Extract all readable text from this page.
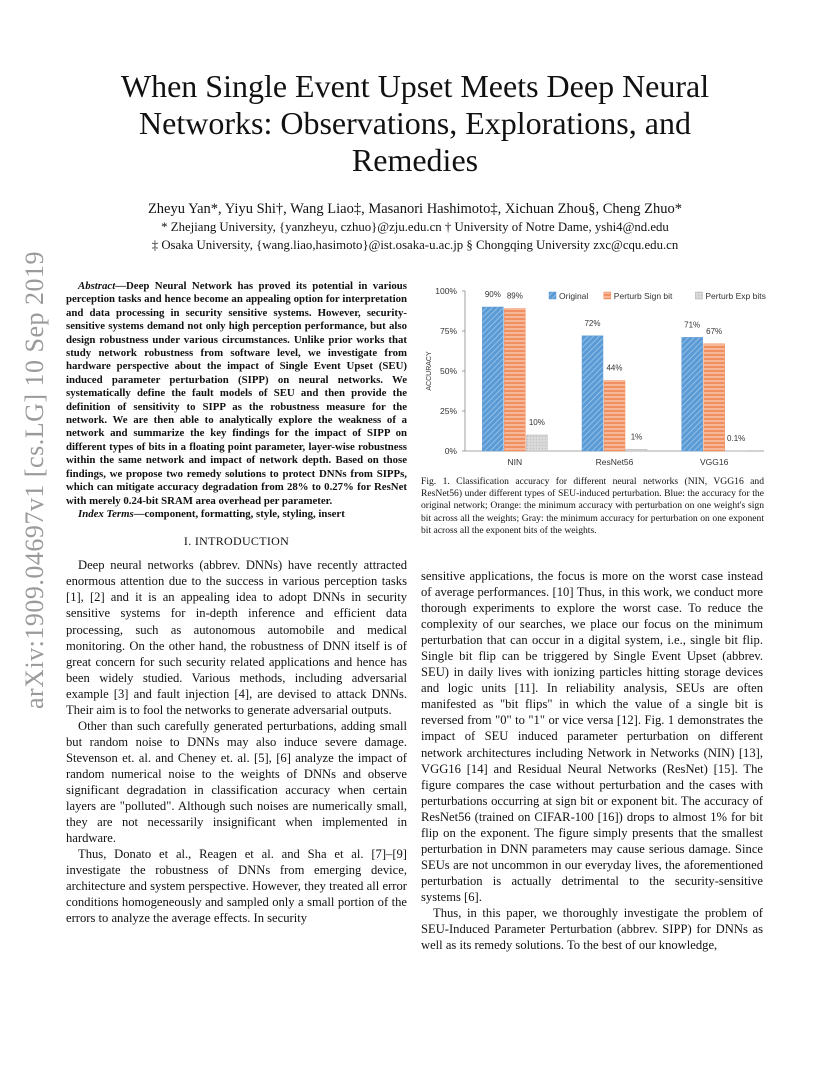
arXiv:1909.04697v1 [cs.LG] 10 Sep 2019
When Single Event Upset Meets Deep Neural Networks: Observations, Explorations, and Remedies
Zheyu Yan*, Yiyu Shi†, Wang Liao‡, Masanori Hashimoto‡, Xichuan Zhou§, Cheng Zhuo*
* Zhejiang University, {yanzheyu, czhuo}@zju.edu.cn † University of Notre Dame, yshi4@nd.edu
‡ Osaka University, {wang.liao,hasimoto}@ist.osaka-u.ac.jp § Chongqing University zxc@cqu.edu.cn

Abstract—Deep Neural Network has proved its potential in various perception tasks and hence become an appealing option for interpretation and data processing in security sensitive systems. However, security-sensitive systems demand not only high perception performance, but also design robustness under various circumstances. Unlike prior works that study network robustness from software level, we investigate from hardware perspective about the impact of Single Event Upset (SEU) induced parameter perturbation (SIPP) on neural networks. We systematically define the fault models of SEU and then provide the definition of sensitivity to SIPP as the robustness measure for the network. We are then able to analytically explore the weakness of a network and summarize the key findings for the impact of SIPP on different types of bits in a floating point parameter, layer-wise robustness within the same network and impact of network depth. Based on those findings, we propose two remedy solutions to protect DNNs from SIPPs, which can mitigate accuracy degradation from 28% to 0.27% for ResNet with merely 0.24-bit SRAM area overhead per parameter.

Index Terms—component, formatting, style, styling, insert

I. INTRODUCTION

Deep neural networks (abbrev. DNNs) have recently attracted enormous attention due to the success in various perception tasks [1], [2] and it is an appealing idea to adopt DNNs in security sensitive systems for in-depth inference and efficient data processing, such as autonomous automobile and medical monitoring. On the other hand, the robustness of DNN itself is of great concern for such security related applications and hence has been widely studied. Various methods, including adversarial example [3] and fault injection [4], are devised to attack DNNs. Their aim is to fool the networks to generate adversarial outputs.

Other than such carefully generated perturbations, adding small but random noise to DNNs may also induce severe damage. Stevenson et. al. and Cheney et. al. [5], [6] analyze the impact of random numerical noise to the weights of DNNs and observe significant degradation in classification accuracy when certain layers are "polluted". Although such noises are numerically small, they are not necessarily insignificant when implemented in hardware.

Thus, Donato et al., Reagen et al. and Sha et al. [7]–[9] investigate the robustness of DNNs from emerging device, architecture and system perspective. However, they treated all error conditions homogeneously and sampled only a small portion of the errors to analyze the average effects. In security

0%
25%
50%
75%
100%
ACCURACY
90% 89%
10%
NIN
72%
44%
1%
ResNet56
71%
67%
0.1%
VGG16
Original	Perturb Sign bit	Perturb Exp bits

Fig. 1. Classification accuracy for different neural networks (NIN, VGG16 and ResNet56) under different types of SEU-induced perturbation. Blue: the accuracy for the original network; Orange: the minimum accuracy with perturbation on one weight's sign bit across all the weights; Gray: the minimum accuracy for perturbation on one exponent bit across all the exponent bits of the weights.

sensitive applications, the focus is more on the worst case instead of average performances. [10] Thus, in this work, we conduct more thorough experiments to explore the worst case. To reduce the complexity of our searches, we place our focus on the minimum perturbation that can occur in a digital system, i.e., single bit flip. Single bit flip can be triggered by Single Event Upset (abbrev. SEU) in daily lives with ionizing particles hitting storage devices and logic units [11]. In reliability analysis, SEUs are often manifested as "bit flips" in which the value of a single bit is reversed from "0" to "1" or vice versa [12]. Fig. 1 demonstrates the impact of SEU induced parameter perturbation on different network architectures including Network in Networks (NIN) [13], VGG16 [14] and Residual Neural Networks (ResNet) [15]. The figure compares the case without perturbation and the cases with perturbations occurring at sign bit or exponent bit. The accuracy of ResNet56 (trained on CIFAR-100 [16]) drops to almost 1% for bit flip on the exponent. The figure simply presents that the smallest perturbation in DNN parameters may cause serious damage. Since SEUs are not uncommon in our everyday lives, the aforementioned perturbation is actually detrimental to the security-sensitive systems [6].

Thus, in this paper, we thoroughly investigate the problem of SEU-Induced Parameter Perturbation (abbrev. SIPP) for DNNs as well as its remedy solutions. To the best of our knowledge,
